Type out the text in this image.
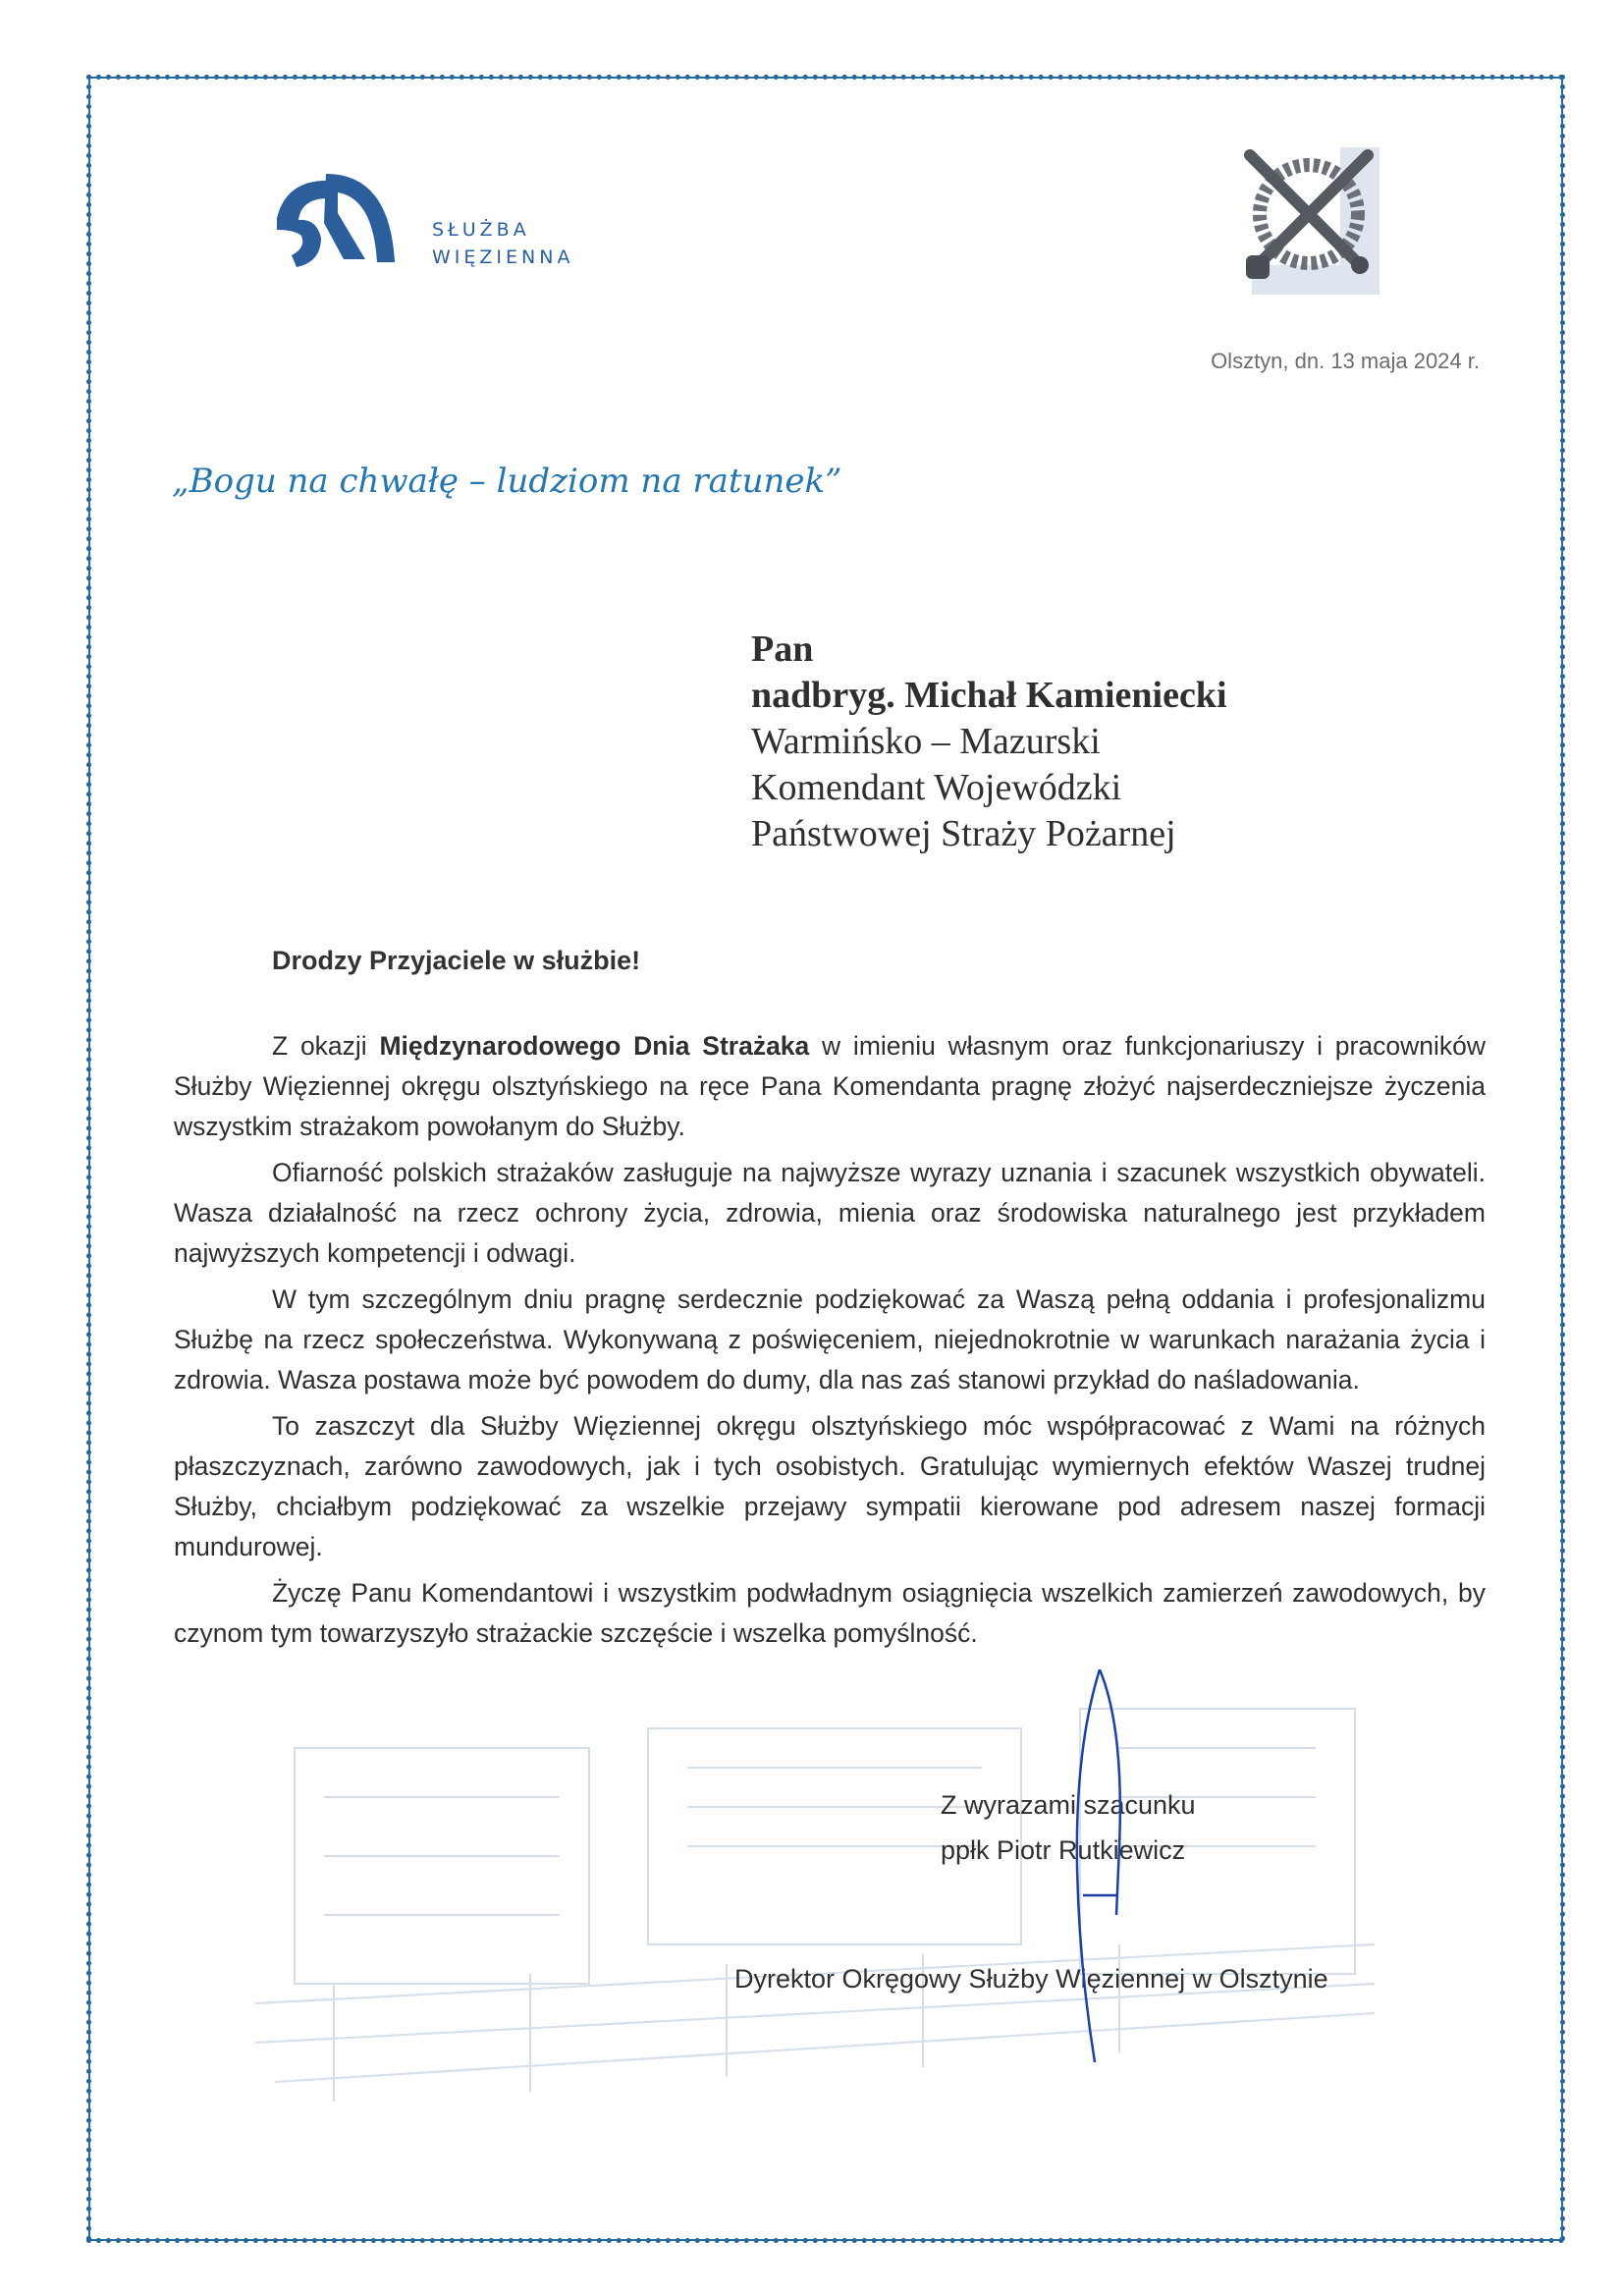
SŁUŻBA
WIĘZIENNA
Olsztyn, dn. 13 maja 2024 r.
„Bogu na chwałę – ludziom na ratunek”
Pan
nadbryg. Michał Kamieniecki
Warmińsko – Mazurski
Komendant Wojewódzki
Państwowej Straży Pożarnej
Drodzy Przyjaciele w służbie!

Z okazji Międzynarodowego Dnia Strażaka w imieniu własnym oraz funkcjonariuszy i pracowników Służby Więziennej okręgu olsztyńskiego na ręce Pana Komendanta pragnę złożyć najserdeczniejsze życzenia wszystkim strażakom powołanym do Służby.

Ofiarność polskich strażaków zasługuje na najwyższe wyrazy uznania i szacunek wszystkich obywateli. Wasza działalność na rzecz ochrony życia, zdrowia, mienia oraz środowiska naturalnego jest przykładem najwyższych kompetencji i odwagi.

W tym szczególnym dniu pragnę serdecznie podziękować za Waszą pełną oddania i profesjonalizmu Służbę na rzecz społeczeństwa. Wykonywaną z poświęceniem, niejednokrotnie w warunkach narażania życia i zdrowia. Wasza postawa może być powodem do dumy, dla nas zaś stanowi przykład do naśladowania.

To zaszczyt dla Służby Więziennej okręgu olsztyńskiego móc współpracować z Wami na różnych płaszczyznach, zarówno zawodowych, jak i tych osobistych. Gratulując wymiernych efektów Waszej trudnej Służby, chciałbym podziękować za wszelkie przejawy sympatii kierowane pod adresem naszej formacji mundurowej.

Życzę Panu Komendantowi i wszystkim podwładnym osiągnięcia wszelkich zamierzeń zawodowych, by czynom tym towarzyszyło strażackie szczęście i wszelka pomyślność.

Z wyrazami szacunku
ppłk Piotr Rutkiewicz
Dyrektor Okręgowy Służby Więziennej w Olsztynie
